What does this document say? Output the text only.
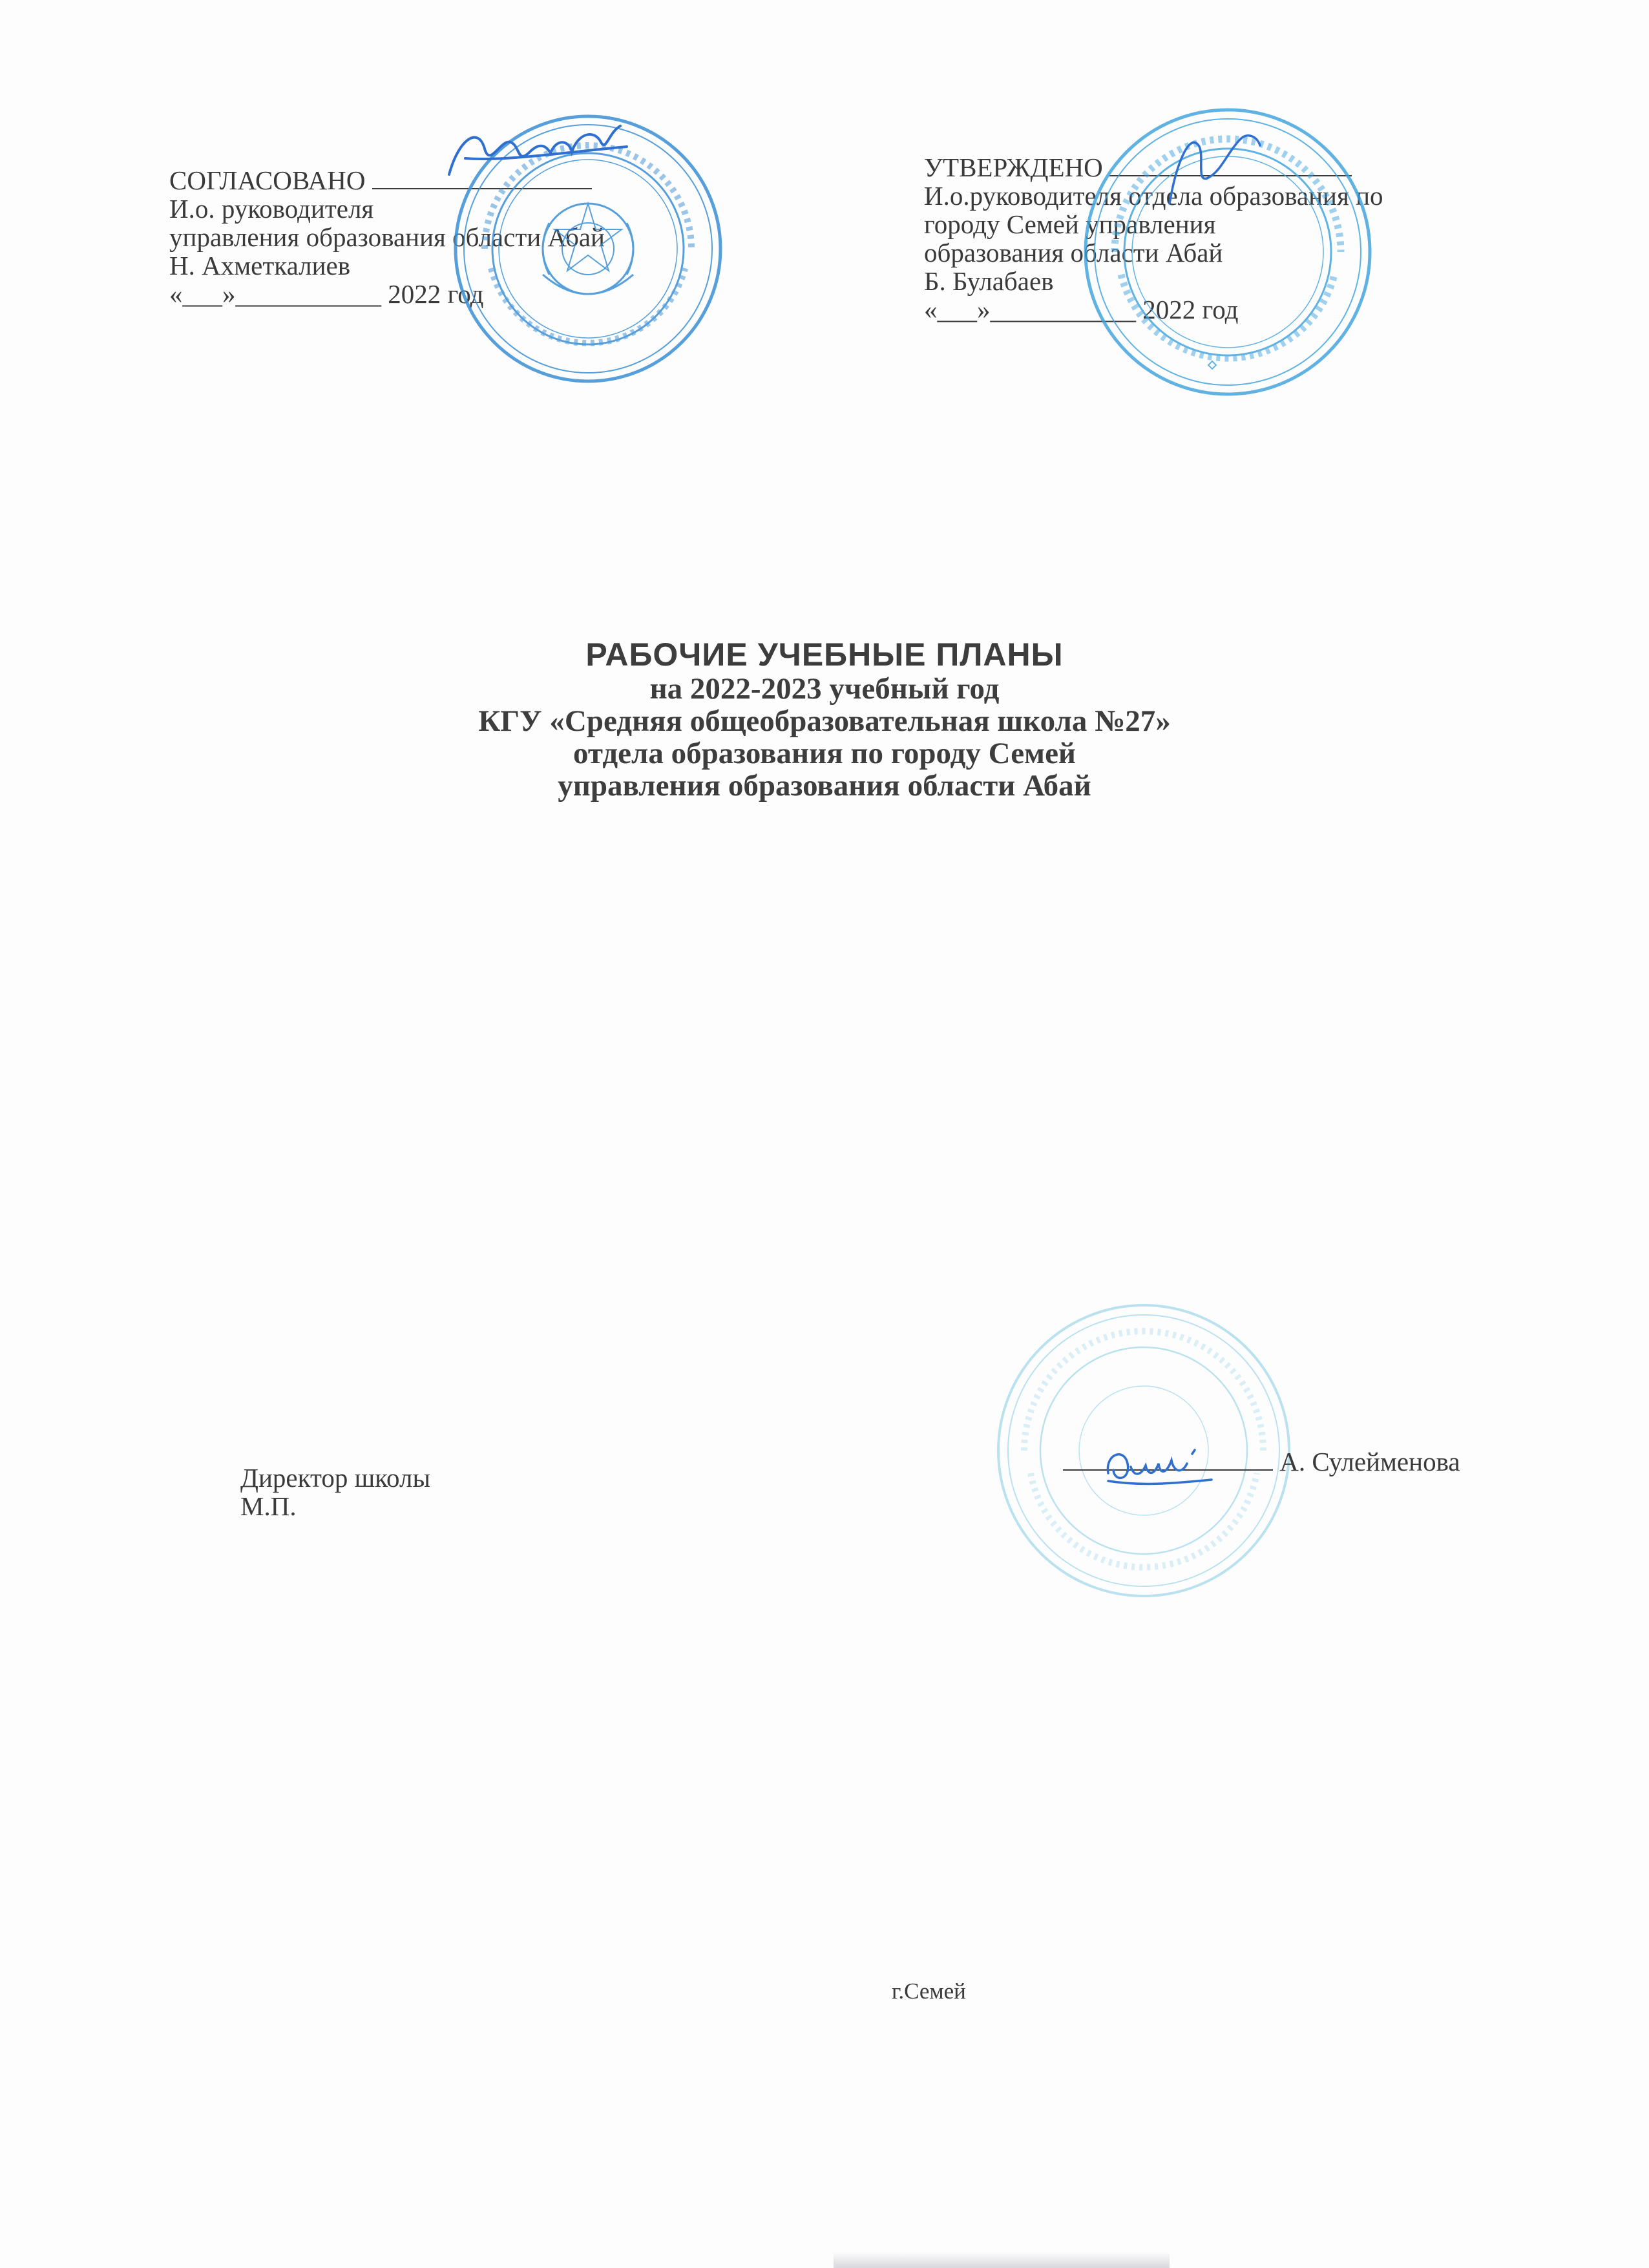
СОГЛАСОВАНО
И.о. руководителя
управления образования области Абай
Н. Ахметкалиев
«___»___________ 2022 год
УТВЕРЖДЕНО
И.о.руководителя отдела образования по
городу Семей управления
образования области Абай
Б. Булабаев
«___»___________ 2022 год
РАБОЧИЕ УЧЕБНЫЕ ПЛАНЫ
на 2022-2023 учебный год
КГУ «Средняя общеобразовательная школа №27»
отдела образования по городу Семей
управления образования области Абай
Директор школы
М.П.
А. Сулейменова
г.Семей
